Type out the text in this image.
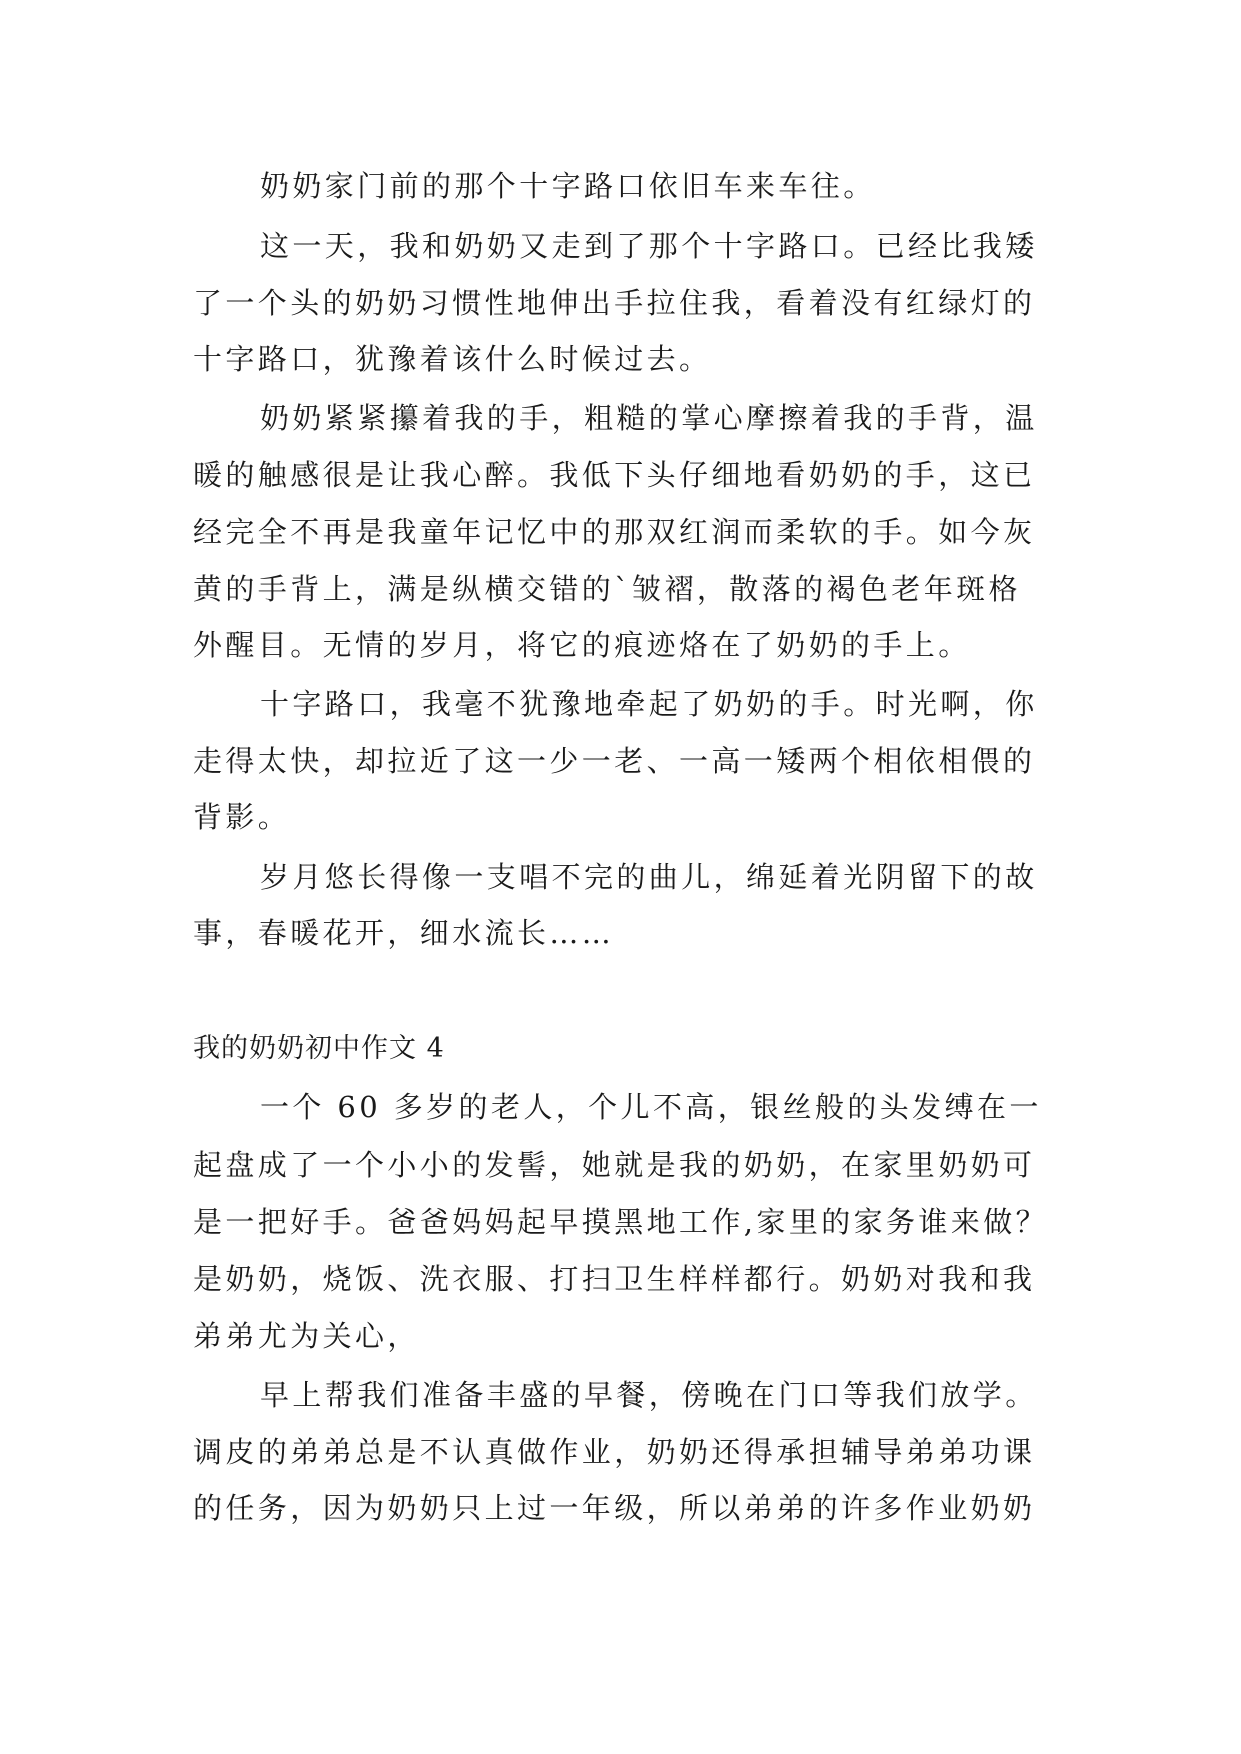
奶奶家门前的那个十字路口依旧车来车往。
这一天，我和奶奶又走到了那个十字路口。已经比我矮
了一个头的奶奶习惯性地伸出手拉住我，看着没有红绿灯的
十字路口，犹豫着该什么时候过去。
奶奶紧紧攥着我的手，粗糙的掌心摩擦着我的手背，温
暖的触感很是让我心醉。我低下头仔细地看奶奶的手，这已
经完全不再是我童年记忆中的那双红润而柔软的手。如今灰
黄的手背上，满是纵横交错的`皱褶，散落的褐色老年斑格
外醒目。无情的岁月，将它的痕迹烙在了奶奶的手上。
十字路口，我毫不犹豫地牵起了奶奶的手。时光啊，你
走得太快，却拉近了这一少一老、一高一矮两个相依相偎的
背影。
岁月悠长得像一支唱不完的曲儿，绵延着光阴留下的故
事，春暖花开，细水流长……
我的奶奶初中作文 4
一个 60 多岁的老人，个儿不高，银丝般的头发缚在一
起盘成了一个小小的发髻，她就是我的奶奶，在家里奶奶可
是一把好手。爸爸妈妈起早摸黑地工作,家里的家务谁来做？
是奶奶，烧饭、洗衣服、打扫卫生样样都行。奶奶对我和我
弟弟尤为关心，
早上帮我们准备丰盛的早餐，傍晚在门口等我们放学。
调皮的弟弟总是不认真做作业，奶奶还得承担辅导弟弟功课
的任务，因为奶奶只上过一年级，所以弟弟的许多作业奶奶
